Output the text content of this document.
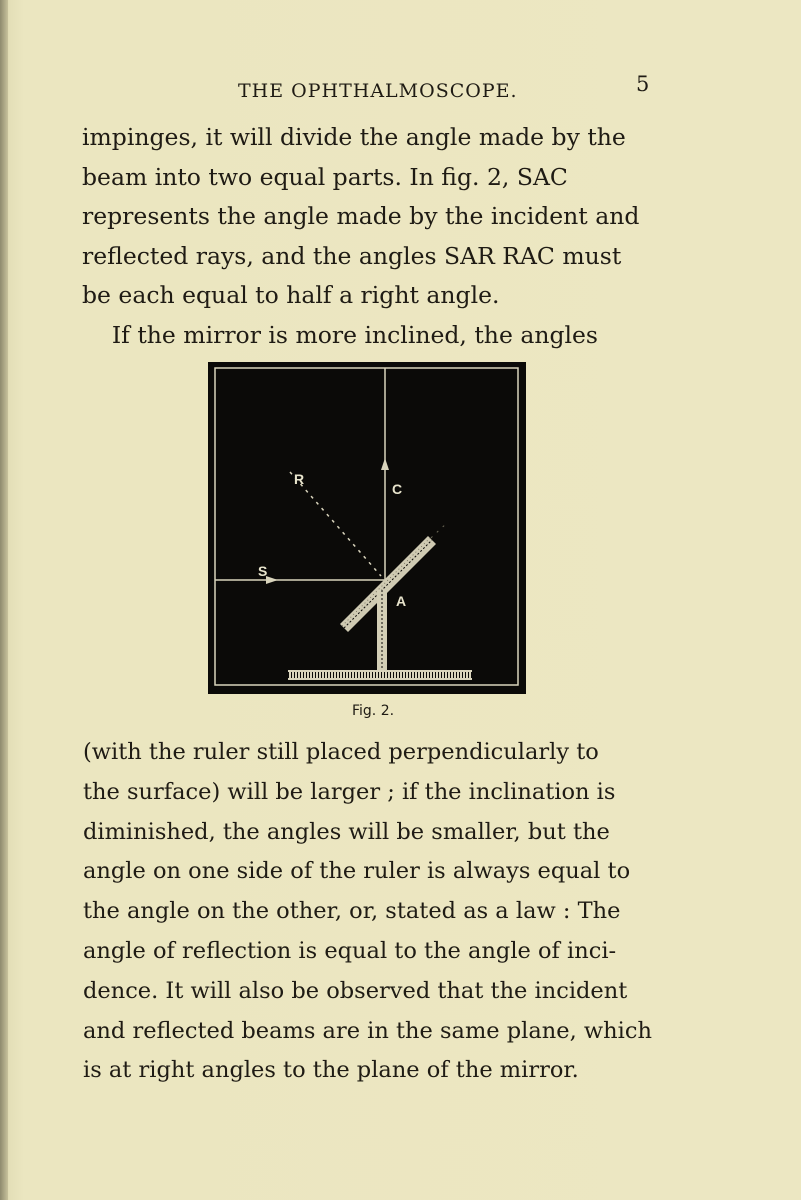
THE OPHTHALMOSCOPE.	5

impinges, it will divide the angle made by the
beam into two equal parts. In fig. 2, SAC
represents the angle made by the incident and
reflected rays, and the angles SAR RAC must
be each equal to half a right angle.
If the mirror is more inclined, the angles

R
C
S
A
Fig. 2.

(with the ruler still placed perpendicularly to
the surface) will be larger ; if the inclination is
diminished, the angles will be smaller, but the
angle on one side of the ruler is always equal to
the angle on the other, or, stated as a law : The
angle of reflection is equal to the angle of inci-
dence. It will also be observed that the incident
and reflected beams are in the same plane, which
is at right angles to the plane of the mirror.
